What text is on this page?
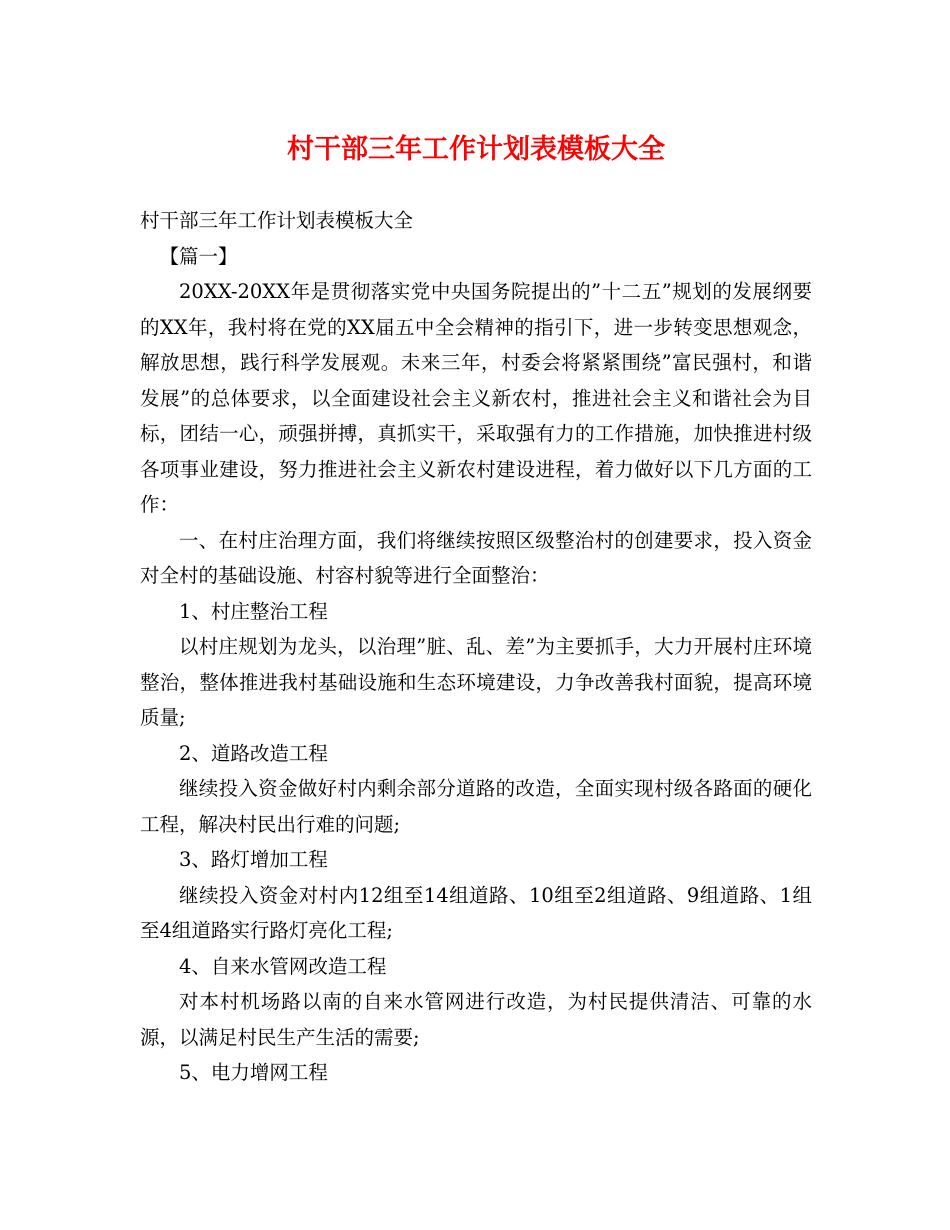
村干部三年工作计划表模板大全

村干部三年工作计划表模板大全

【篇一】

20XX-20XX年是贯彻落实党中央国务院提出的”十二五”规划的发展纲要的XX年，我村将在党的XX届五中全会精神的指引下，进一步转变思想观念，解放思想，践行科学发展观。未来三年，村委会将紧紧围绕”富民强村，和谐发展”的总体要求，以全面建设社会主义新农村，推进社会主义和谐社会为目标，团结一心，顽强拼搏，真抓实干，采取强有力的工作措施，加快推进村级各项事业建设，努力推进社会主义新农村建设进程，着力做好以下几方面的工作：

一、在村庄治理方面，我们将继续按照区级整治村的创建要求，投入资金对全村的基础设施、村容村貌等进行全面整治：

1、村庄整治工程

以村庄规划为龙头，以治理”脏、乱、差”为主要抓手，大力开展村庄环境整治，整体推进我村基础设施和生态环境建设，力争改善我村面貌，提高环境质量;

2、道路改造工程

继续投入资金做好村内剩余部分道路的改造，全面实现村级各路面的硬化工程，解决村民出行难的问题;

3、路灯增加工程

继续投入资金对村内12组至14组道路、10组至2组道路、9组道路、1组至4组道路实行路灯亮化工程;

4、自来水管网改造工程

对本村机场路以南的自来水管网进行改造，为村民提供清洁、可靠的水源，以满足村民生产生活的需要;

5、电力增网工程
